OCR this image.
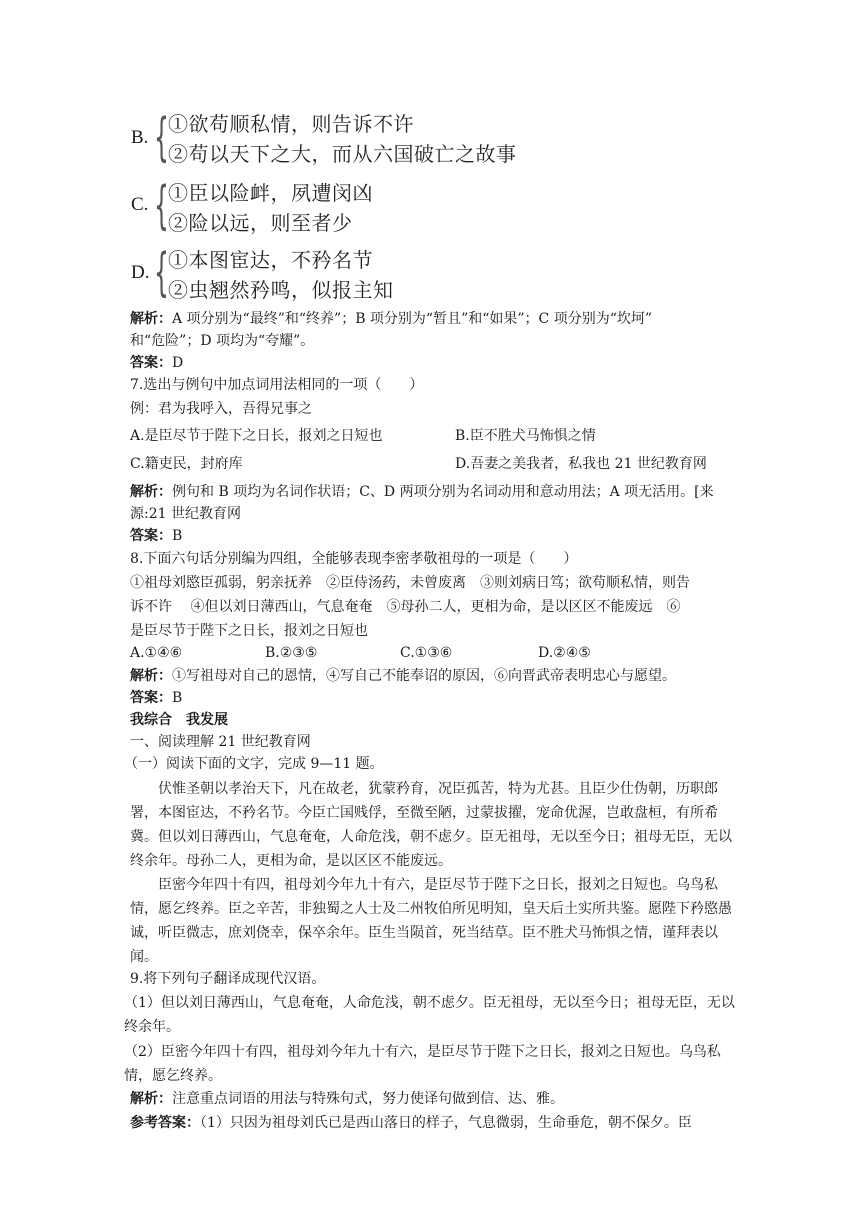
B. { ①欲苟顺私情，则告诉不许
②苟以天下之大，而从六国破亡之故事
C. { ①臣以险衅，夙遭闵凶
②险以远，则至者少
D. { ①本图宦达，不矜名节
②虫翘然矜鸣，似报主知
解析：A 项分别为“最终”和“终养”；B 项分别为“暂且”和“如果”；C 项分别为“坎坷”
和“危险”；D 项均为“夸耀”。
答案：D
7.选出与例句中加点词用法相同的一项（　　）
例：君为我呼入，吾得兄事之
A.是臣尽节于陛下之日长，报刘之日短也	B.臣不胜犬马怖惧之情
C.籍吏民，封府库	D.吾妻之美我者，私我也 21 世纪教育网
解析：例句和 B 项均为名词作状语；C、D 两项分别为名词动用和意动用法；A 项无活用。[来
源:21 世纪教育网
答案：B
8.下面六句话分别编为四组，全能够表现李密孝敬祖母的一项是（　　）
①祖母刘愍臣孤弱，躬亲抚养　②臣侍汤药，未曾废离　③则刘病日笃；欲苟顺私情，则告
诉不许　 ④但以刘日薄西山，气息奄奄　⑤母孙二人，更相为命，是以区区不能废远　⑥
是臣尽节于陛下之日长，报刘之日短也
A.①④⑥	B.②③⑤	C.①③⑥	D.②④⑤
解析：①写祖母对自己的恩情，④写自己不能奉诏的原因，⑥向晋武帝表明忠心与愿望。
答案：B
我综合　我发展
一、阅读理解 21 世纪教育网
（一）阅读下面的文字，完成 9—11 题。
伏惟圣朝以孝治天下，凡在故老，犹蒙矜育，况臣孤苦，特为尤甚。且臣少仕伪朝，历职郎署，本图宦达，不矜名节。今臣亡国贱俘，至微至陋，过蒙拔擢，宠命优渥，岂敢盘桓，有所希冀。但以刘日薄西山，气息奄奄，人命危浅，朝不虑夕。臣无祖母，无以至今日；祖母无臣，无以终余年。母孙二人，更相为命，是以区区不能废远。
臣密今年四十有四，祖母刘今年九十有六，是臣尽节于陛下之日长，报刘之日短也。乌鸟私情，愿乞终养。臣之辛苦，非独蜀之人士及二州牧伯所见明知，皇天后土实所共鉴。愿陛下矜愍愚诚，听臣微志，庶刘侥幸，保卒余年。臣生当陨首，死当结草。臣不胜犬马怖惧之情，谨拜表以闻。
9.将下列句子翻译成现代汉语。
（1）但以刘日薄西山，气息奄奄，人命危浅，朝不虑夕。臣无祖母，无以至今日；祖母无臣，无以终余年。
（2）臣密今年四十有四，祖母刘今年九十有六，是臣尽节于陛下之日长，报刘之日短也。乌鸟私情，愿乞终养。
解析：注意重点词语的用法与特殊句式，努力使译句做到信、达、雅。
参考答案：（1）只因为祖母刘氏已是西山落日的样子，气息微弱，生命垂危，朝不保夕。臣
